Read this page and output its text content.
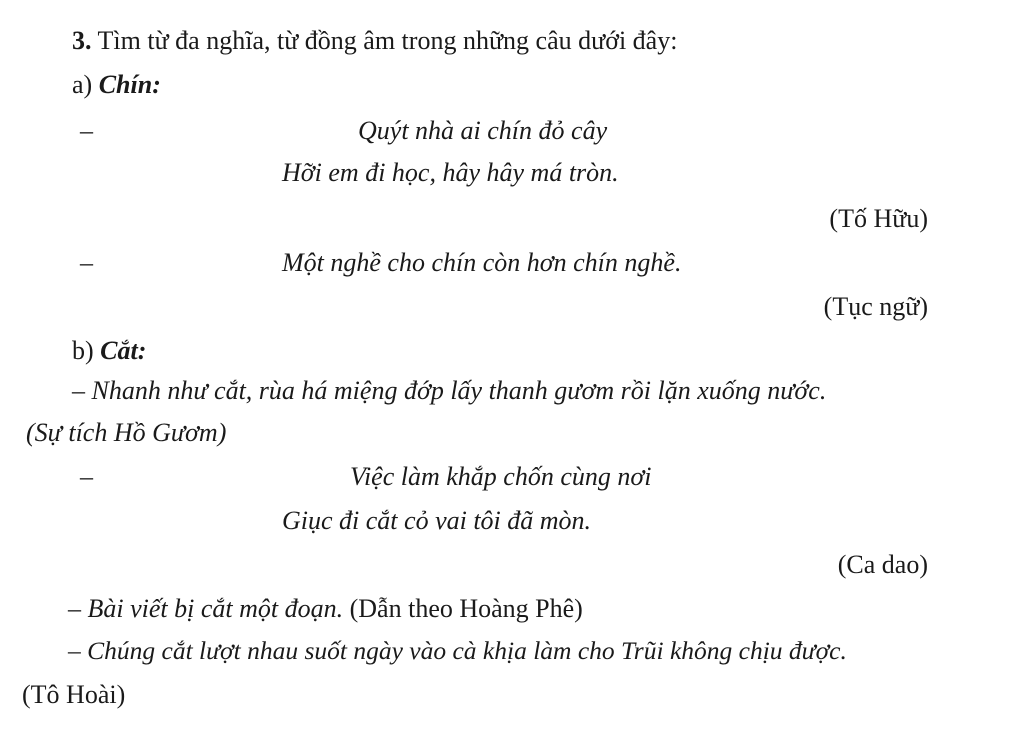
3. Tìm từ đa nghĩa, từ đồng âm trong những câu dưới đây:
a) Chín:
–	Quýt nhà ai chín đỏ cây
Hỡi em đi học, hây hây má tròn.
(Tố Hữu)
–	Một nghề cho chín còn hơn chín nghề.
(Tục ngữ)
b) Cắt:
– Nhanh như cắt, rùa há miệng đớp lấy thanh gươm rồi lặn xuống nước.
(Sự tích Hồ Gươm)
–	Việc làm khắp chốn cùng nơi
Giục đi cắt cỏ vai tôi đã mòn.
(Ca dao)
– Bài viết bị cắt một đoạn. (Dẫn theo Hoàng Phê)
– Chúng cắt lượt nhau suốt ngày vào cà khịa làm cho Trũi không chịu được.
(Tô Hoài)
